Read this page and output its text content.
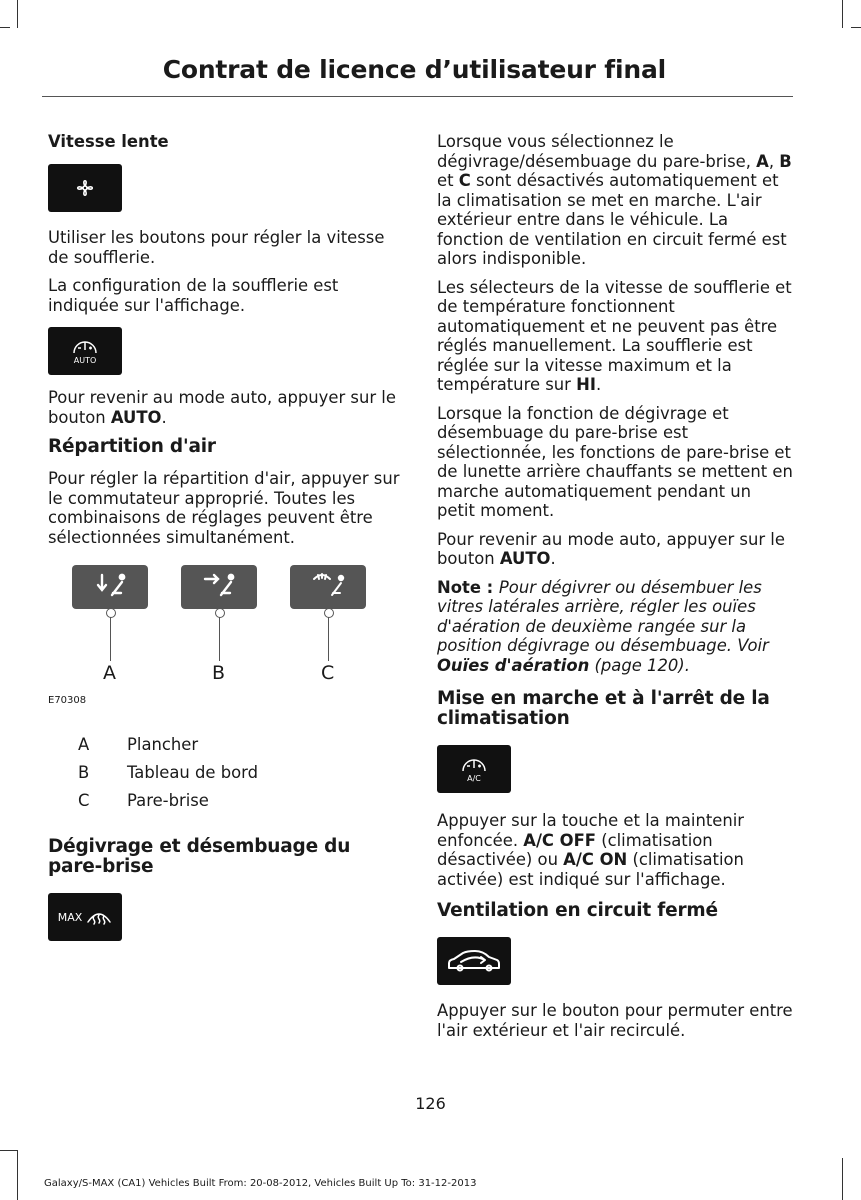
Contrat de licence d’utilisateur final

Vitesse lente

Utiliser les boutons pour régler la vitesse de soufflerie.

La configuration de la soufflerie est indiquée sur l'affichage.

AUTO

Pour revenir au mode auto, appuyer sur le bouton AUTO.

Répartition d'air

Pour régler la répartition d'air, appuyer sur le commutateur approprié. Toutes les combinaisons de réglages peuvent être sélectionnées simultanément.

A	B	C
E70308
A	Plancher
B	Tableau de bord
C	Pare-brise

Dégivrage et désembuage du pare-brise

MAX

Lorsque vous sélectionnez le dégivrage/désembuage du pare-brise, A, B et C sont désactivés automatiquement et la climatisation se met en marche. L'air extérieur entre dans le véhicule. La fonction de ventilation en circuit fermé est alors indisponible.

Les sélecteurs de la vitesse de soufflerie et de température fonctionnent automatiquement et ne peuvent pas être réglés manuellement. La soufflerie est réglée sur la vitesse maximum et la température sur HI.

Lorsque la fonction de dégivrage et désembuage du pare-brise est sélectionnée, les fonctions de pare-brise et de lunette arrière chauffants se mettent en marche automatiquement pendant un petit moment.

Pour revenir au mode auto, appuyer sur le bouton AUTO.

Note : Pour dégivrer ou désembuer les vitres latérales arrière, régler les ouïes d'aération de deuxième rangée sur la position dégivrage ou désembuage. Voir Ouïes d'aération (page 120).

Mise en marche et à l'arrêt de la climatisation

A/C

Appuyer sur la touche et la maintenir enfoncée. A/C OFF (climatisation désactivée) ou A/C ON (climatisation activée) est indiqué sur l'affichage.

Ventilation en circuit fermé

Appuyer sur le bouton pour permuter entre l'air extérieur et l'air recirculé.

126
Galaxy/S-MAX (CA1) Vehicles Built From: 20-08-2012, Vehicles Built Up To: 31-12-2013
